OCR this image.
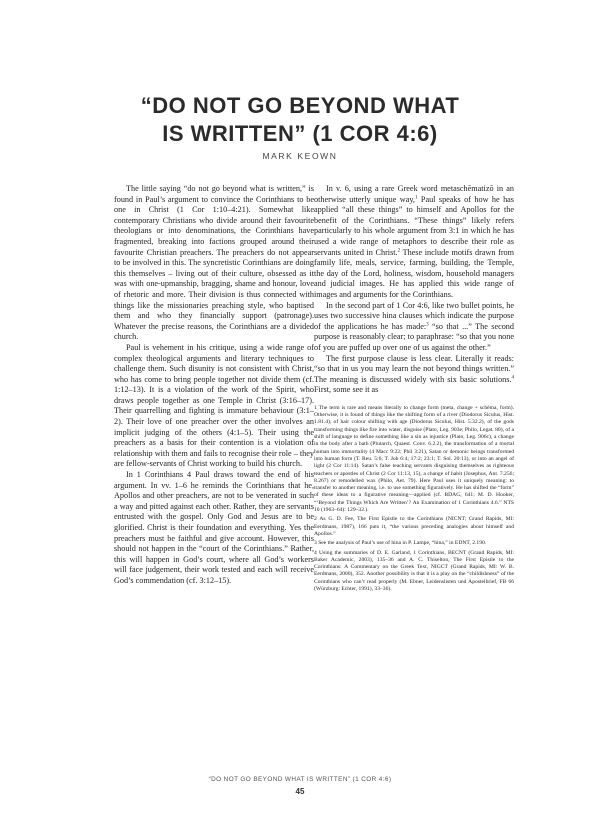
“DO NOT GO BEYOND WHAT
IS WRITTEN” (1 COR 4:6)
MARK KEOWN

The little saying “do not go beyond what is written,” is found in Paul’s argument to convince the Corinthians to be one in Christ (1 Cor 1:10–4:21). Somewhat like contemporary Christians who divide around their favourite theologians or into denominations, the Corinthians have fragmented, breaking into factions grouped around their favourite Christian preachers. The preachers do not appear to be involved in this. The syncretistic Corinthians are doing this themselves – living out of their culture, obsessed as it was with one-upmanship, bragging, shame and honour, love of rhetoric and more. Their division is thus connected with things like the missionaries preaching style, who baptised them and who they financially support (patronage). Whatever the precise reasons, the Corinthians are a divided church.

Paul is vehement in his critique, using a wide range of complex theological arguments and literary techniques to challenge them. Such disunity is not consistent with Christ, who has come to bring people together not divide them (cf. 1:12–13). It is a violation of the work of the Spirit, who draws people together as one Temple in Christ (3:16–17). Their quarrelling and fighting is immature behaviour (3:1–2). Their love of one preacher over the other involves an implicit judging of the others (4:1–5). Their using the preachers as a basis for their contention is a violation of relationship with them and fails to recognise their role – they are fellow-servants of Christ working to build his church.

In 1 Corinthians 4 Paul draws toward the end of his argument. In vv. 1–6 he reminds the Corinthians that he, Apollos and other preachers, are not to be venerated in such a way and pitted against each other. Rather, they are servants entrusted with the gospel. Only God and Jesus are to be glorified. Christ is their foundation and everything. Yes the preachers must be faithful and give account. However, this should not happen in the “court of the Corinthians.” Rather, this will happen in God’s court, where all God’s workers will face judgement, their work tested and each will receive God’s commendation (cf. 3:12–15).

In v. 6, using a rare Greek word metaschēmatizō in an otherwise utterly unique way,$^1$ Paul speaks of how he has applied “all these things” to himself and Apollos for the benefit of the Corinthians. “These things” likely refers particularly to his whole argument from 3:1 in which he has used a wide range of metaphors to describe their role as servants united in Christ.$^2$ These include motifs drawn from family life, meals, service, farming, building, the Temple, the day of the Lord, holiness, wisdom, household managers and judicial images. He has applied this wide range of images and arguments for the Corinthians.

In the second part of 1 Cor 4:6, like two bullet points, he uses two successive hina clauses which indicate the purpose of the applications he has made:$^3$ “so that ...” The second purpose is reasonably clear; to paraphrase: “so that you none of you are puffed up over one of us against the other.”

The first purpose clause is less clear. Literally it reads: “so that in us you may learn the not beyond things written.” The meaning is discussed widely with six basic solutions.$^4$ First, some see it as

1 The term is rare and means literally to change form (meta, change + schēma, form). Otherwise, it is found of things like the shifting form of a river (Diodorus Siculus, Hist. 1.81.4), of hair colour shifting with age (Diodorus Siculus, Hist. 5.32.2), of the gods transforming things like fire into water, disguise (Plato, Leg. 903e; Philo, Legat. 80), of a shift of language to define something like a sin as injustice (Plato, Leg. 906c), a change in the body after a bath (Plutarch, Quaest. Conv. 6.2.2), the transformation of a mortal human into immortality (4 Macc 9:22; Phil 3:21), Satan or demonic beings transformed into human form (T. Reu. 5:6; T. Job 6:4; 17:2; 23:1; T. Sol. 20:13), or into an angel of light (2 Cor 11:14). Satan’s false teaching servants disguising themselves as righteous teachers or apostles of Christ (2 Cor 11:13, 15), a change of habit (Josephus, Ant. 7.256; 8.267) or remodelled wax (Philo, Aet. 79). Here Paul uses it uniquely meaning: to transfer to another meaning, i.e. to use something figuratively. He has shifted the “form” of these ideas to a figurative meaning—applied (cf. BDAG, 641; M. D. Hooker, “‘Beyond the Things Which Are Written’? An Examination of 1 Corinthians 4.6.” NTS 10 (1963–64): 129–32.).

2 As G. D. Fee, The First Epistle to the Corinthians (NICNT; Grand Rapids, MI: Eerdmans, 1987), 166 puts it, “the various preceding analogies about himself and Apollos.”

3 See the analysis of Paul’s use of hina in P. Lampe, “hina,” in EDNT, 2.190.

4 Using the summaries of D. E. Garland, 1 Corinthians, BECNT (Grand Rapids, MI: Baker Academic, 2003), 135–36 and A. C. Thiselton, The First Epistle to the Corinthians: A Commentary on the Greek Text, NIGCT (Grand Rapids, MI: W. B. Eerdmans, 2000), 352. Another possibility is that it is a play on the “childishness” of the Corinthians who can’t read properly (M. Ebner, Leidenslisten und Apostelbrief, FB 66 (Würzburg: Echter, 1991), 33–36).

“DO NOT GO BEYOND WHAT IS WRITTEN” (1 COR 4:6)
45
